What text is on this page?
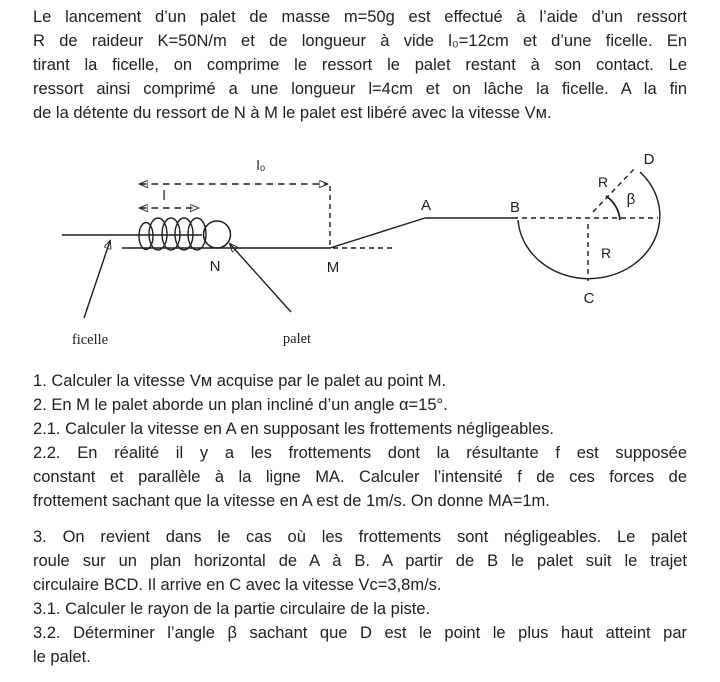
Le lancement d’un palet de masse m=50g est effectué à l’aide d’un ressort
R de raideur K=50N/m et de longueur à vide l₀=12cm et d’une ficelle. En
tirant la ficelle, on comprime le ressort le palet restant à son contact. Le
ressort ainsi comprimé a une longueur l=4cm et on lâche la ficelle. A la fin
de la détente du ressort de N à M le palet est libéré avec la vitesse Vᴍ.
l₀
l
N	M
A	B
C
D
R
R
β
ficelle	palet
1. Calculer la vitesse Vᴍ acquise par le palet au point M.
2. En M le palet aborde un plan incliné d’un angle α=15°.
2.1. Calculer la vitesse en A en supposant les frottements négligeables.
2.2. En réalité il y a les frottements dont la résultante f est supposée
constant et parallèle à la ligne MA. Calculer l’intensité f de ces forces de
frottement sachant que la vitesse en A est de 1m/s. On donne MA=1m.
3. On revient dans le cas où les frottements sont négligeables. Le palet
roule sur un plan horizontal de A à B. A partir de B le palet suit le trajet
circulaire BCD. Il arrive en C avec la vitesse Vᴄ=3,8m/s.
3.1. Calculer le rayon de la partie circulaire de la piste.
3.2. Déterminer l’angle β sachant que D est le point le plus haut atteint par
le palet.
